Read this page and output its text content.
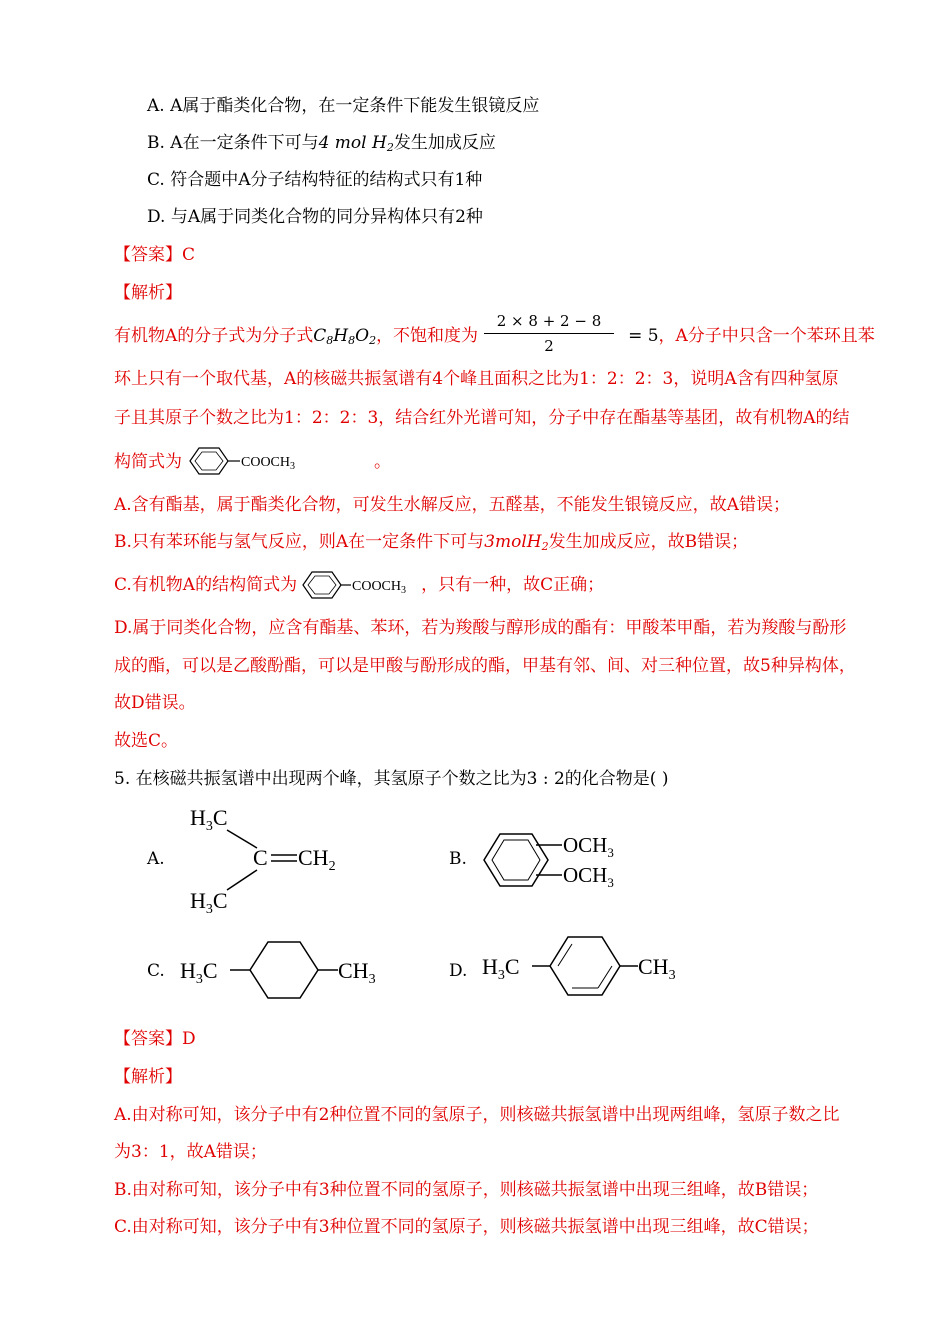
A. A属于酯类化合物，在一定条件下能发生银镜反应
B. A在一定条件下可与4 mol $H_2$发生加成反应
C. 符合题中A分子结构特征的结构式只有1种
D. 与A属于同类化合物的同分异构体只有2种
【答案】C
【解析】
有机物A的分子式为分子式$C_8H_8O_2$，不饱和度为	= 5，A分子中只含一个苯环且苯
2 × 8 + 2 − 8
2
环上只有一个取代基，A的核磁共振氢谱有4个峰且面积之比为1：2：2：3，说明A含有四种氢原
子且其原子个数之比为1：2：2：3，结合红外光谱可知，分子中存在酯基等基团，故有机物A的结
构简式为	。
$COOCH_3$
A.含有酯基，属于酯类化合物，可发生水解反应，五醛基，不能发生银镜反应，故A错误；
B.只有苯环能与氢气反应，则A在一定条件下可与3molH$_2$发生加成反应，故B错误；
C.有机物A的结构简式为	，只有一种，故C正确；
$COOCH_3$
D.属于同类化合物，应含有酯基、苯环，若为羧酸与醇形成的酯有：甲酸苯甲酯，若为羧酸与酚形
成的酯，可以是乙酸酚酯，可以是甲酸与酚形成的酯，甲基有邻、间、对三种位置，故5种异构体，
故D错误。
故选C。
5. 在核磁共振氢谱中出现两个峰，其氢原子个数之比为3 : 2的化合物是( )
A.
$H_3C$
C $CH_2$
$H_3C$
B.
$OCH_3$
$OCH_3$
C. $H_3C$	$CH_3$	D. $H_3C$	$CH_3$
【答案】D
【解析】
A.由对称可知，该分子中有2种位置不同的氢原子，则核磁共振氢谱中出现两组峰，氢原子数之比
为3：1，故A错误；
B.由对称可知，该分子中有3种位置不同的氢原子，则核磁共振氢谱中出现三组峰，故B错误；
C.由对称可知，该分子中有3种位置不同的氢原子，则核磁共振氢谱中出现三组峰，故C错误；
